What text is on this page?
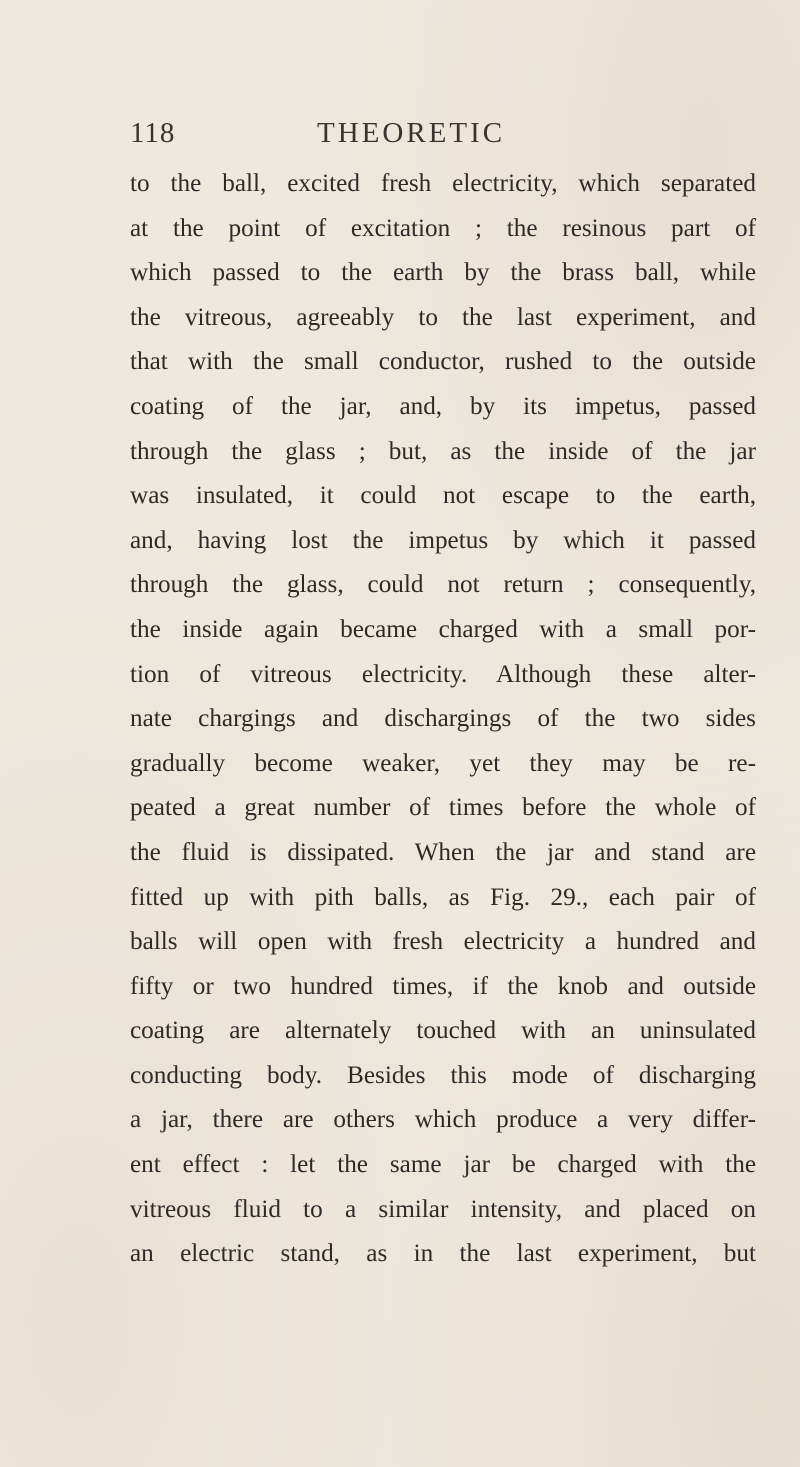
118	THEORETIC
to the ball, excited fresh electricity, which separated
at the point of excitation ; the resinous part of
which passed to the earth by the brass ball, while
the vitreous, agreeably to the last experiment, and
that with the small conductor, rushed to the outside
coating of the jar, and, by its impetus, passed
through the glass ; but, as the inside of the jar
was insulated, it could not escape to the earth,
and, having lost the impetus by which it passed
through the glass, could not return ; consequently,
the inside again became charged with a small por-
tion of vitreous electricity. Although these alter-
nate chargings and dischargings of the two sides
gradually become weaker, yet they may be re-
peated a great number of times before the whole of
the fluid is dissipated. When the jar and stand are
fitted up with pith balls, as Fig. 29., each pair of
balls will open with fresh electricity a hundred and
fifty or two hundred times, if the knob and outside
coating are alternately touched with an uninsulated
conducting body. Besides this mode of discharging
a jar, there are others which produce a very differ-
ent effect : let the same jar be charged with the
vitreous fluid to a similar intensity, and placed on
an electric stand, as in the last experiment, but
